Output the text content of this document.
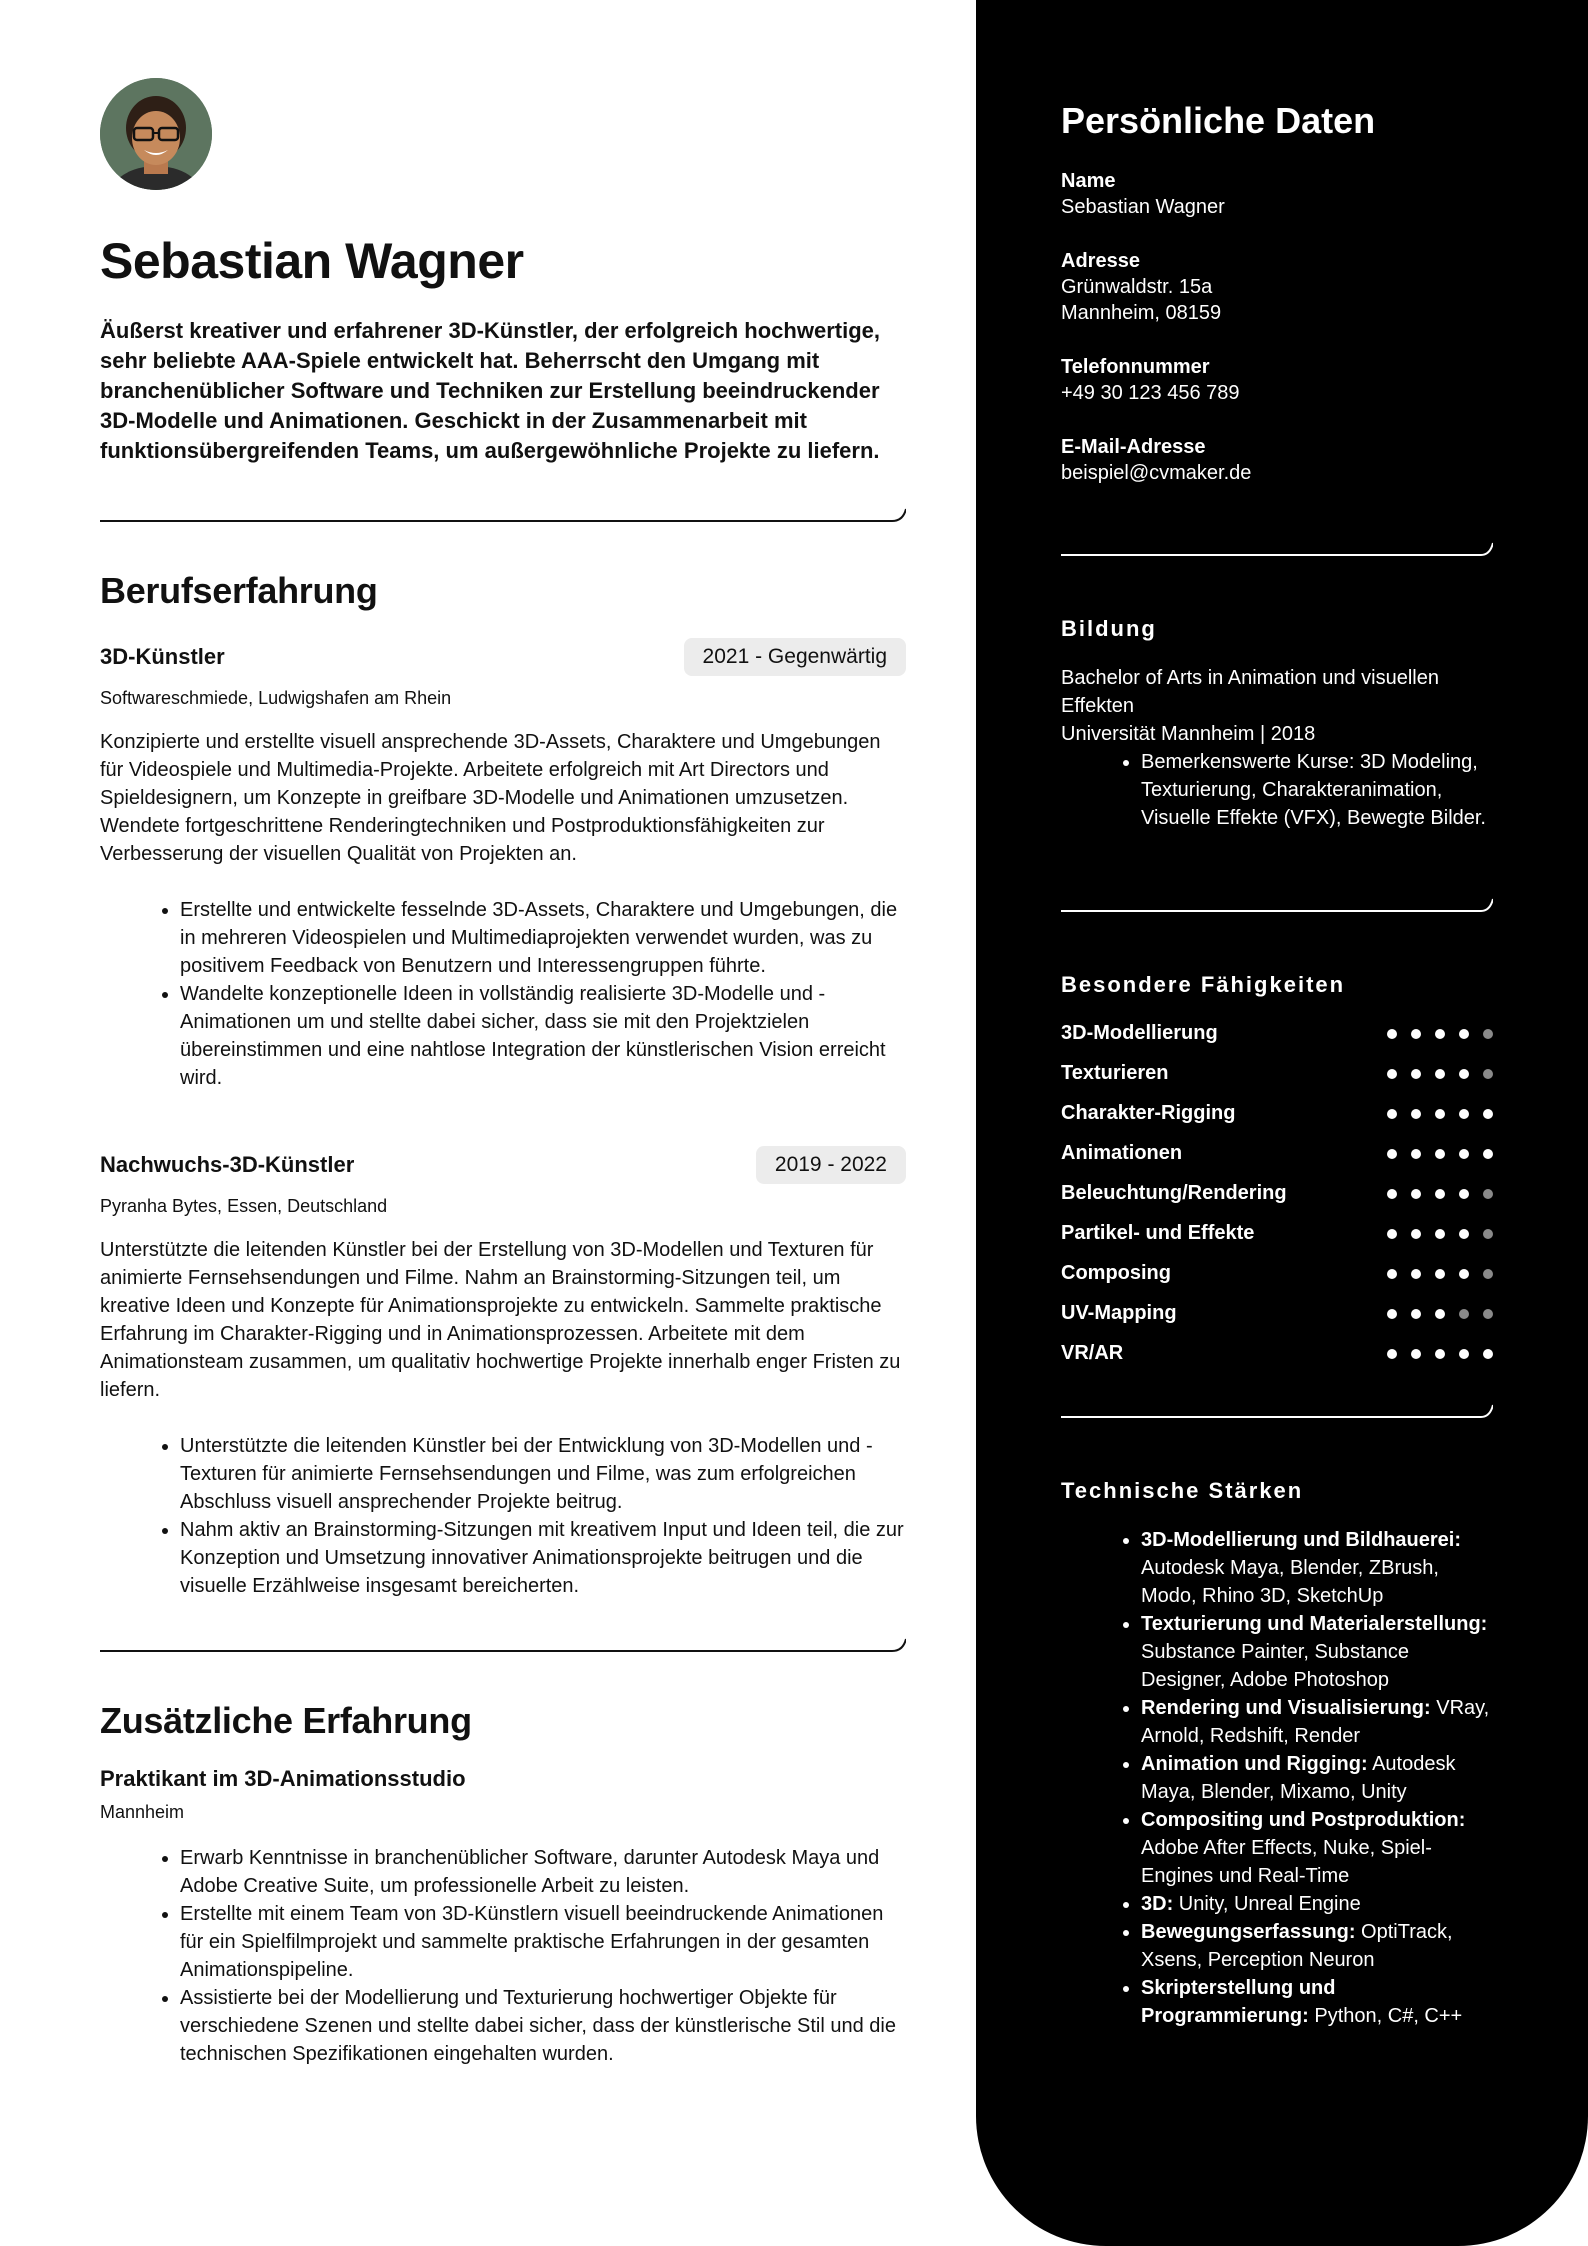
Sebastian Wagner
Äußerst kreativer und erfahrener 3D-Künstler, der erfolgreich hochwertige, sehr beliebte AAA-Spiele entwickelt hat. Beherrscht den Umgang mit branchenüblicher Software und Techniken zur Erstellung beeindruckender 3D-Modelle und Animationen. Geschickt in der Zusammenarbeit mit funktionsübergreifenden Teams, um außergewöhnliche Projekte zu liefern.
Berufserfahrung
3D-Künstler	2021 - Gegenwärtig
Softwareschmiede, Ludwigshafen am Rhein
Konzipierte und erstellte visuell ansprechende 3D-Assets, Charaktere und Umgebungen für Videospiele und Multimedia-Projekte. Arbeitete erfolgreich mit Art Directors und Spieldesignern, um Konzepte in greifbare 3D-Modelle und Animationen umzusetzen. Wendete fortgeschrittene Renderingtechniken und Postproduktionsfähigkeiten zur Verbesserung der visuellen Qualität von Projekten an.
• Erstellte und entwickelte fesselnde 3D-Assets, Charaktere und Umgebungen, die in mehreren Videospielen und Multimediaprojekten verwendet wurden, was zu positivem Feedback von Benutzern und Interessengruppen führte.
• Wandelte konzeptionelle Ideen in vollständig realisierte 3D-Modelle und -Animationen um und stellte dabei sicher, dass sie mit den Projektzielen übereinstimmen und eine nahtlose Integration der künstlerischen Vision erreicht wird.
Nachwuchs-3D-Künstler	2019 - 2022
Pyranha Bytes, Essen, Deutschland
Unterstützte die leitenden Künstler bei der Erstellung von 3D-Modellen und Texturen für animierte Fernsehsendungen und Filme. Nahm an Brainstorming-Sitzungen teil, um kreative Ideen und Konzepte für Animationsprojekte zu entwickeln. Sammelte praktische Erfahrung im Charakter-Rigging und in Animationsprozessen. Arbeitete mit dem Animationsteam zusammen, um qualitativ hochwertige Projekte innerhalb enger Fristen zu liefern.
• Unterstützte die leitenden Künstler bei der Entwicklung von 3D-Modellen und -Texturen für animierte Fernsehsendungen und Filme, was zum erfolgreichen Abschluss visuell ansprechender Projekte beitrug.
• Nahm aktiv an Brainstorming-Sitzungen mit kreativem Input und Ideen teil, die zur Konzeption und Umsetzung innovativer Animationsprojekte beitrugen und die visuelle Erzählweise insgesamt bereicherten.
Zusätzliche Erfahrung
Praktikant im 3D-Animationsstudio
Mannheim
• Erwarb Kenntnisse in branchenüblicher Software, darunter Autodesk Maya und Adobe Creative Suite, um professionelle Arbeit zu leisten.
• Erstellte mit einem Team von 3D-Künstlern visuell beeindruckende Animationen für ein Spielfilmprojekt und sammelte praktische Erfahrungen in der gesamten Animationspipeline.
• Assistierte bei der Modellierung und Texturierung hochwertiger Objekte für verschiedene Szenen und stellte dabei sicher, dass der künstlerische Stil und die technischen Spezifikationen eingehalten wurden.
Persönliche Daten
Name
Sebastian Wagner
Adresse
Grünwaldstr. 15a
Mannheim, 08159
Telefonnummer
+49 30 123 456 789
E-Mail-Adresse
beispiel@cvmaker.de
Bildung
Bachelor of Arts in Animation und visuellen Effekten
Universität Mannheim | 2018
• Bemerkenswerte Kurse: 3D Modeling, Texturierung, Charakteranimation, Visuelle Effekte (VFX), Bewegte Bilder.
Besondere Fähigkeiten
3D-Modellierung
Texturieren
Charakter-Rigging
Animationen
Beleuchtung/Rendering
Partikel- und Effekte
Composing
UV-Mapping
VR/AR
Technische Stärken
• 3D-Modellierung und Bildhauerei: Autodesk Maya, Blender, ZBrush, Modo, Rhino 3D, SketchUp
• Texturierung und Materialerstellung: Substance Painter, Substance Designer, Adobe Photoshop
• Rendering und Visualisierung: VRay, Arnold, Redshift, Render
• Animation und Rigging: Autodesk Maya, Blender, Mixamo, Unity
• Compositing und Postproduktion: Adobe After Effects, Nuke, Spiel-Engines und Real-Time
• 3D: Unity, Unreal Engine
• Bewegungserfassung: OptiTrack, Xsens, Perception Neuron
• Skripterstellung und Programmierung: Python, C#, C++
